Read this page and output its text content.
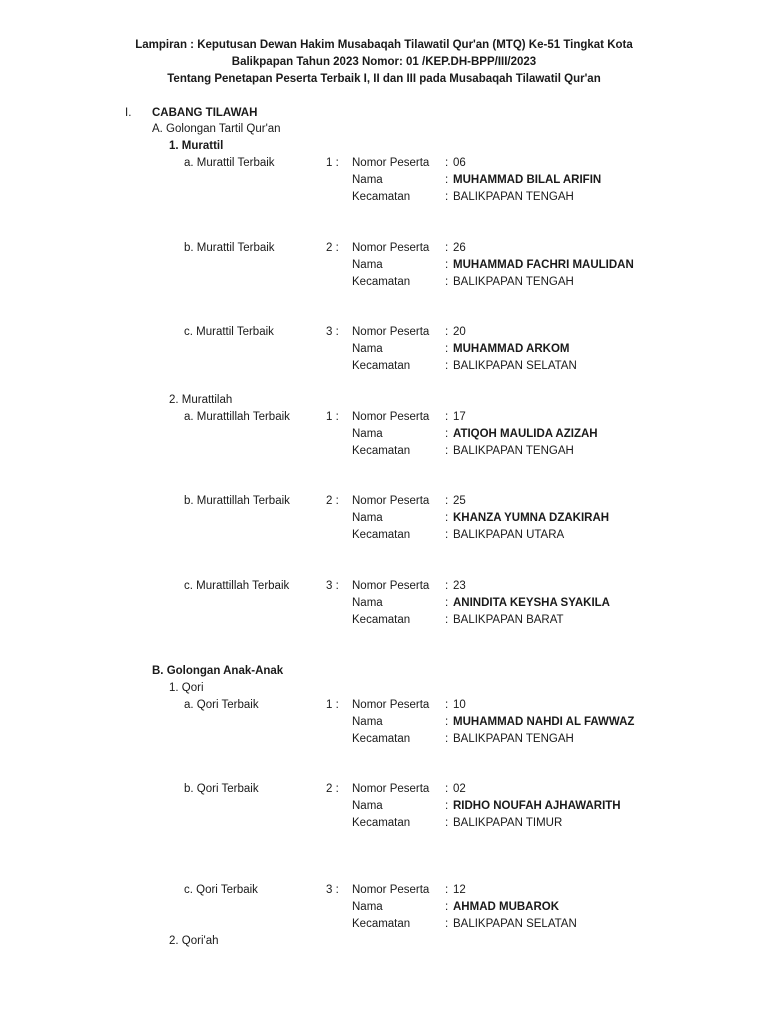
Lampiran : Keputusan Dewan Hakim Musabaqah Tilawatil Qur'an (MTQ) Ke-51 Tingkat Kota
Balikpapan Tahun 2023 Nomor: 01 /KEP.DH-BPP/III/2023
Tentang Penetapan Peserta Terbaik I, II dan III pada Musabaqah Tilawatil Qur'an
I. CABANG TILAWAH
A. Golongan Tartil Qur'an
1. Murattil
a. Murattil Terbaik	1 : Nomor Peserta : 06
Nama	: MUHAMMAD BILAL ARIFIN
Kecamatan	: BALIKPAPAN TENGAH
b. Murattil Terbaik	2 : Nomor Peserta : 26
Nama	: MUHAMMAD FACHRI MAULIDAN
Kecamatan	: BALIKPAPAN TENGAH
c. Murattil Terbaik	3 : Nomor Peserta : 20
Nama	: MUHAMMAD ARKOM
Kecamatan	: BALIKPAPAN SELATAN
2. Murattilah
a. Murattillah Terbaik	1 : Nomor Peserta : 17
Nama	: ATIQOH MAULIDA AZIZAH
Kecamatan	: BALIKPAPAN TENGAH
b. Murattillah Terbaik	2 : Nomor Peserta : 25
Nama	: KHANZA YUMNA DZAKIRAH
Kecamatan	: BALIKPAPAN UTARA
c. Murattillah Terbaik	3 : Nomor Peserta : 23
Nama	: ANINDITA KEYSHA SYAKILA
Kecamatan	: BALIKPAPAN BARAT
B. Golongan Anak-Anak
1. Qori
a. Qori Terbaik	1 : Nomor Peserta : 10
Nama	: MUHAMMAD NAHDI AL FAWWAZ
Kecamatan	: BALIKPAPAN TENGAH
b. Qori Terbaik	2 : Nomor Peserta : 02
Nama	: RIDHO NOUFAH AJHAWARITH
Kecamatan	: BALIKPAPAN TIMUR
c. Qori Terbaik	3 : Nomor Peserta : 12
Nama	: AHMAD MUBAROK
Kecamatan	: BALIKPAPAN SELATAN
2. Qori'ah
